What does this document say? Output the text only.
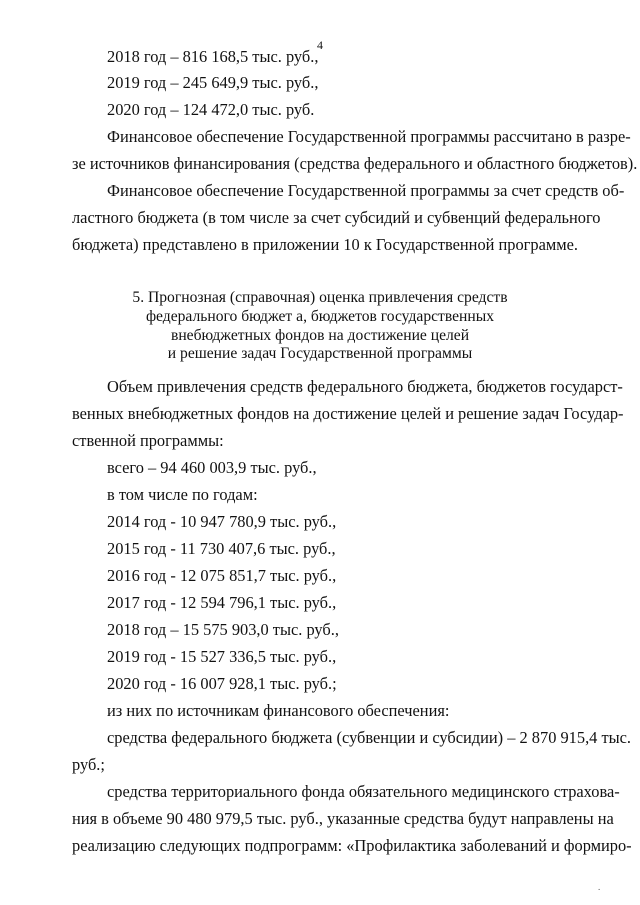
4
2018 год – 816 168,5 тыс. руб.,
2019 год – 245 649,9 тыс. руб.,
2020 год – 124 472,0 тыс. руб.
Финансовое обеспечение Государственной программы рассчитано в разре-
зе источников финансирования (средства федерального и областного бюджетов).
Финансовое обеспечение Государственной программы за счет средств об-
ластного бюджета (в том числе за счет субсидий и субвенций федерального
бюджета) представлено в приложении 10 к Государственной программе.
5. Прогнозная (справочная) оценка привлечения средств
федерального бюджет а, бюджетов государственных
внебюджетных фондов на достижение целей
и решение задач Государственной программы
Объем привлечения средств федерального бюджета, бюджетов государст-
венных внебюджетных фондов на достижение целей и решение задач Государ-
ственной программы:
всего – 94 460 003,9 тыс. руб.,
в том числе по годам:
2014 год - 10 947 780,9 тыс. руб.,
2015 год - 11 730 407,6 тыс. руб.,
2016 год - 12 075 851,7 тыс. руб.,
2017 год - 12 594 796,1 тыс. руб.,
2018 год – 15 575 903,0 тыс. руб.,
2019 год - 15 527 336,5 тыс. руб.,
2020 год - 16 007 928,1 тыс. руб.;
из них по источникам финансового обеспечения:
средства федерального бюджета (субвенции и субсидии) – 2 870 915,4 тыс.
руб.;
средства территориального фонда обязательного медицинского страхова-
ния в объеме 90 480 979,5 тыс. руб., указанные средства будут направлены на
реализацию следующих подпрограмм: «Профилактика заболеваний и формиро-
.
